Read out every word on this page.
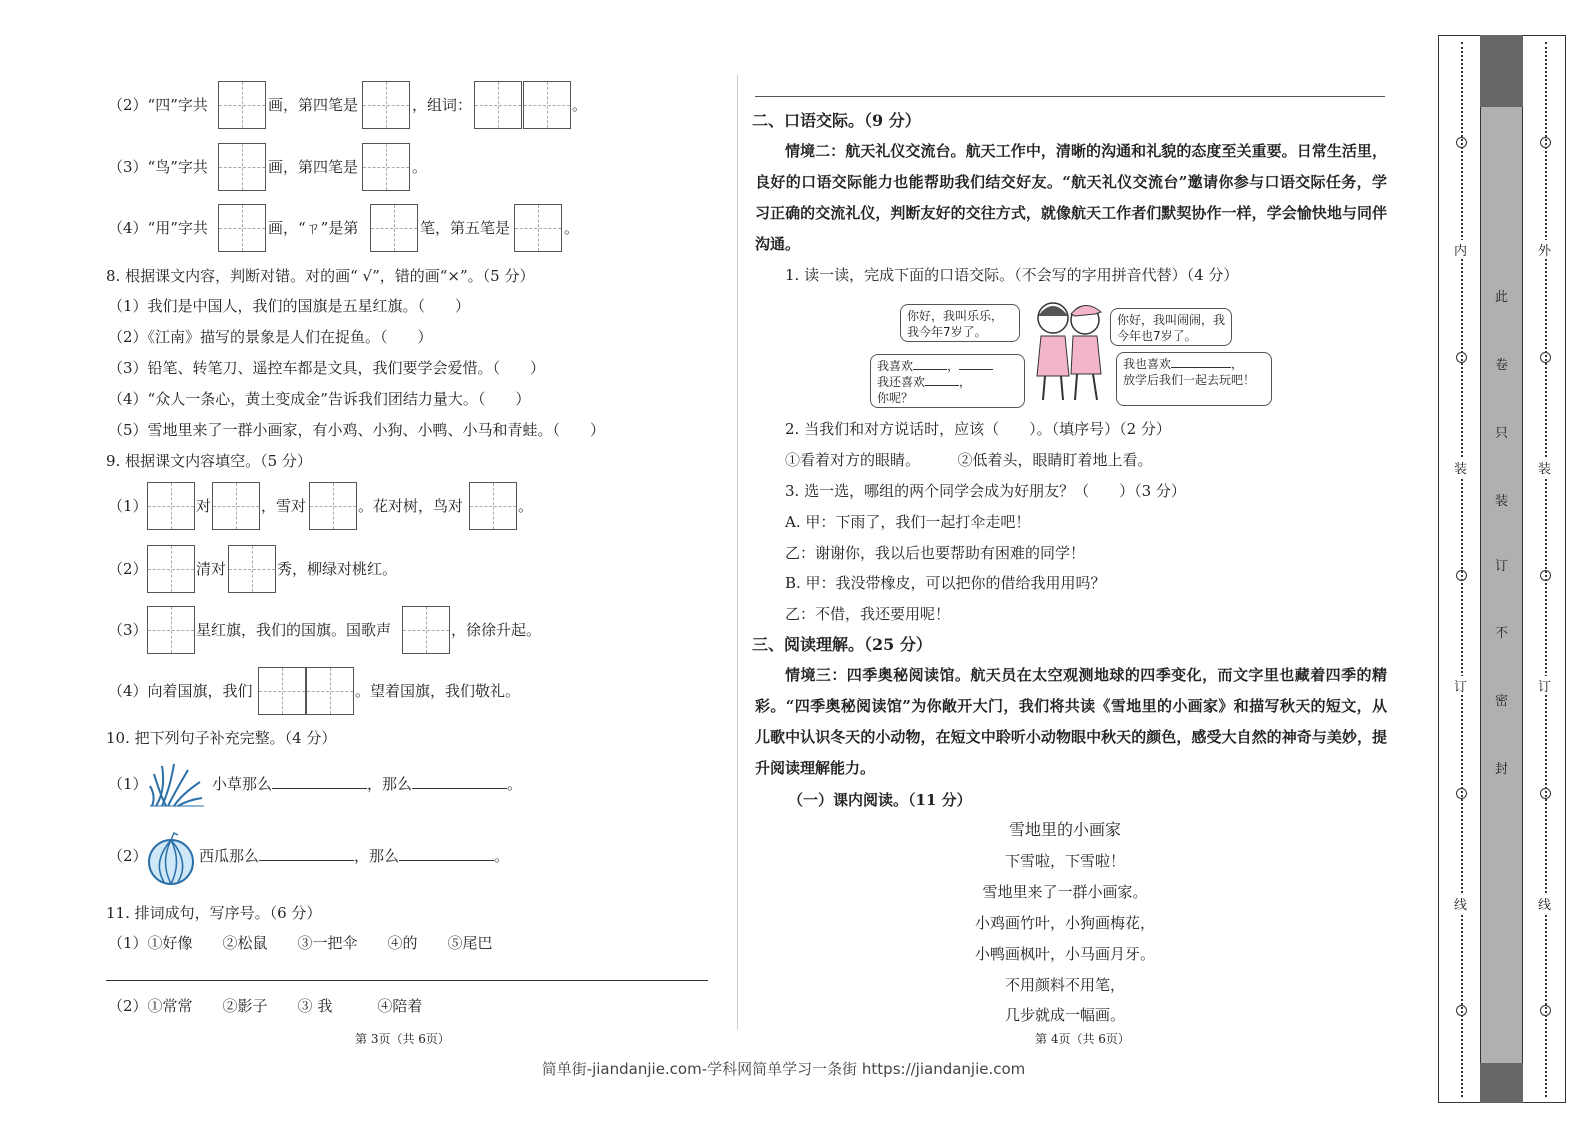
（2）“四”字共	画，第四笔是	，组词：	。
（3）“鸟”字共	画，第四笔是	。
（4）“用”字共	画，“ㄗ”是第	笔，第五笔是	。
8. 根据课文内容，判断对错。对的画“ √”，错的画“×”。（5 分）
（1）我们是中国人，我们的国旗是五星红旗。（　　）
（2）《江南》描写的景象是人们在捉鱼。（　　）
（3）铅笔、转笔刀、遥控车都是文具，我们要学会爱惜。（　　）
（4）“众人一条心，黄土变成金”告诉我们团结力量大。（　　）
（5）雪地里来了一群小画家，有小鸡、小狗、小鸭、小马和青蛙。（　　）
9. 根据课文内容填空。（5 分）
（1）	对	，雪对	。花对树，鸟对	。
（2）	清对	秀，柳绿对桃红。
（3）	星红旗，我们的国旗。国歌声	，徐徐升起。
（4）向着国旗，我们	。望着国旗，我们敬礼。
10. 把下列句子补充完整。（4 分）
（1）	小草那么	，那么	。
（2）	西瓜那么	，那么	。
11. 排词成句，写序号。（6 分）
（1）①好像　　②松鼠　　③一把伞　　④的　　⑤尾巴
（2）①常常　　②影子　　③ 我　　　④陪着
第 3页（共 6页）
二、口语交际。（9 分）
情境二：航天礼仪交流台。航天工作中，清晰的沟通和礼貌的态度至关重要。日常生活里，良好的口语交际能力也能帮助我们结交好友。“航天礼仪交流台”邀请你参与口语交际任务，学习正确的交流礼仪，判断友好的交往方式，就像航天工作者们默契协作一样，学会愉快地与同伴沟通。
1. 读一读，完成下面的口语交际。（不会写的字用拼音代替）（4 分）
你好，我叫乐乐，我今年7岁了。
你好，我叫闹闹，我今年也7岁了。
我喜欢	，
我还喜欢	，
你呢？
我也喜欢	，
放学后我们一起去玩吧！
2. 当我们和对方说话时，应该（　　）。（填序号）（2 分）
①看着对方的眼睛。　　　②低着头，眼睛盯着地上看。
3. 选一选，哪组的两个同学会成为好朋友？（　　）（3 分）
A. 甲：下雨了，我们一起打伞走吧！
乙：谢谢你，我以后也要帮助有困难的同学！
B. 甲：我没带橡皮，可以把你的借给我用用吗？
乙：不借，我还要用呢！
三、阅读理解。（25 分）
情境三：四季奥秘阅读馆。航天员在太空观测地球的四季变化，而文字里也藏着四季的精彩。“四季奥秘阅读馆”为你敞开大门，我们将共读《雪地里的小画家》和描写秋天的短文，从儿歌中认识冬天的小动物，在短文中聆听小动物眼中秋天的颜色，感受大自然的神奇与美妙，提升阅读理解能力。
（一）课内阅读。（11 分）
雪地里的小画家
下雪啦，下雪啦！
雪地里来了一群小画家。
小鸡画竹叶，小狗画梅花，
小鸭画枫叶，小马画月牙。
不用颜料不用笔，
几步就成一幅画。
第 4页（共 6页）
简单街-jiandanjie.com-学科网简单学习一条街 https://jiandanjie.com
内
装
订
线
外
装
订
线
此
卷
只
装
订
不
密
封
